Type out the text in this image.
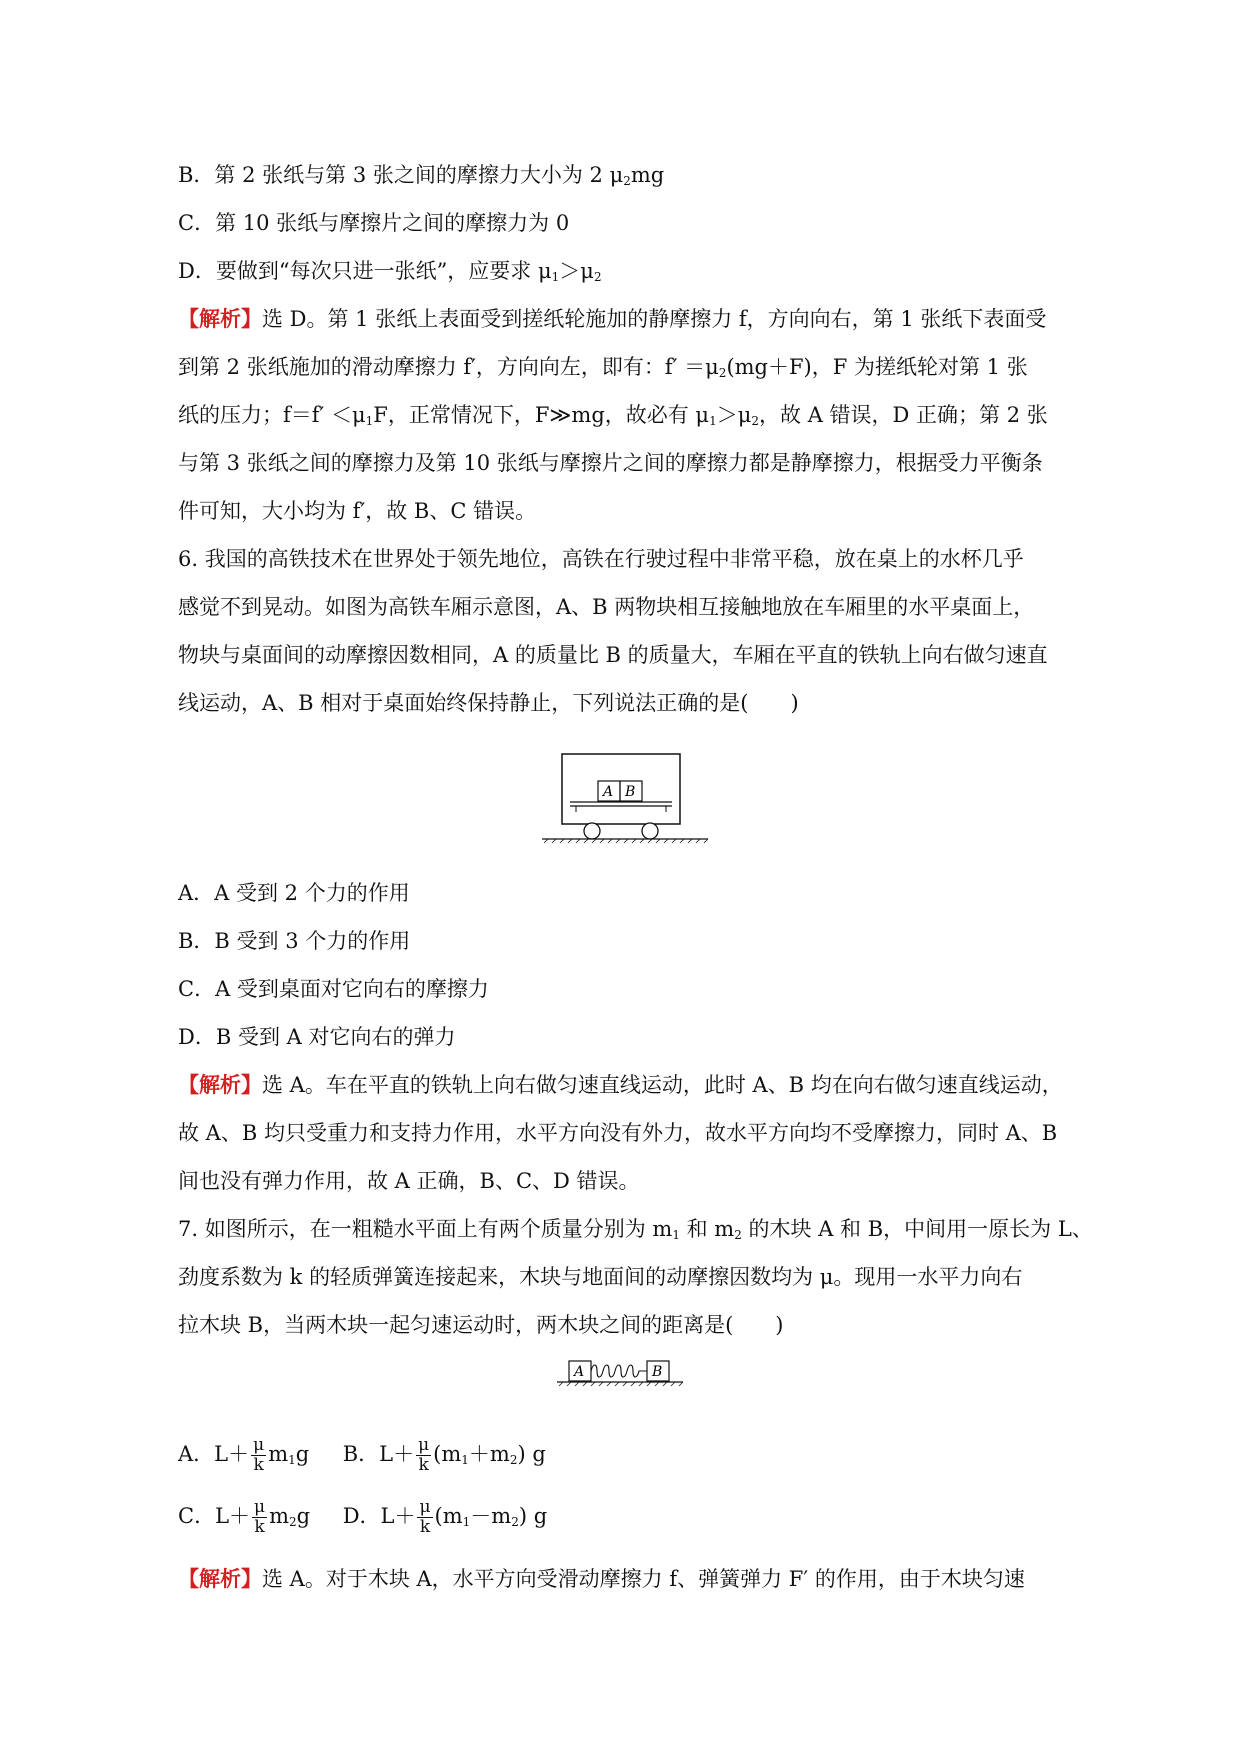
B．第 2 张纸与第 3 张之间的摩擦力大小为 2 $\mu_2mg$
C．第 10 张纸与摩擦片之间的摩擦力为 0
D．要做到“每次只进一张纸”，应要求 $\mu_1>\mu_2$
【解析】选 D。第 1 张纸上表面受到搓纸轮施加的静摩擦力 f，方向向右，第 1 张纸下表面受
到第 2 张纸施加的滑动摩擦力 f′，方向向左，即有：$f' =\mu_2(mg+F)$，F 为搓纸轮对第 1 张
纸的压力；$f=f' <\mu_1F$，正常情况下，F≫mg，故必有 $\mu_1>\mu_2$，故 A 错误，D 正确；第 2 张
与第 3 张纸之间的摩擦力及第 10 张纸与摩擦片之间的摩擦力都是静摩擦力，根据受力平衡条
件可知，大小均为 f′，故 B、C 错误。
6. 我国的高铁技术在世界处于领先地位，高铁在行驶过程中非常平稳，放在桌上的水杯几乎
感觉不到晃动。如图为高铁车厢示意图，A、B 两物块相互接触地放在车厢里的水平桌面上，
物块与桌面间的动摩擦因数相同，A 的质量比 B 的质量大，车厢在平直的铁轨上向右做匀速直
线运动，A、B 相对于桌面始终保持静止，下列说法正确的是(　　)
A B
A．A 受到 2 个力的作用
B．B 受到 3 个力的作用
C．A 受到桌面对它向右的摩擦力
D．B 受到 A 对它向右的弹力
【解析】选 A。车在平直的铁轨上向右做匀速直线运动，此时 A、B 均在向右做匀速直线运动，
故 A、B 均只受重力和支持力作用，水平方向没有外力，故水平方向均不受摩擦力，同时 A、B
间也没有弹力作用，故 A 正确，B、C、D 错误。
7. 如图所示，在一粗糙水平面上有两个质量分别为 $m_1$ 和 $m_2$ 的木块 A 和 B，中间用一原长为 L、
劲度系数为 k 的轻质弹簧连接起来，木块与地面间的动摩擦因数均为 μ。现用一水平力向右
拉木块 B，当两木块一起匀速运动时，两木块之间的距离是(　　)
A	B
A．$L+ \frac{\mu}{k} m_1g$ B．$L+ \frac{\mu}{k} (m_1+m_2)$ g
C．$L+ \frac{\mu}{k} m_2g$ D．$L+ \frac{\mu}{k} (m_1-m_2)$ g
【解析】选 A。对于木块 A，水平方向受滑动摩擦力 f、弹簧弹力 F′ 的作用，由于木块匀速
